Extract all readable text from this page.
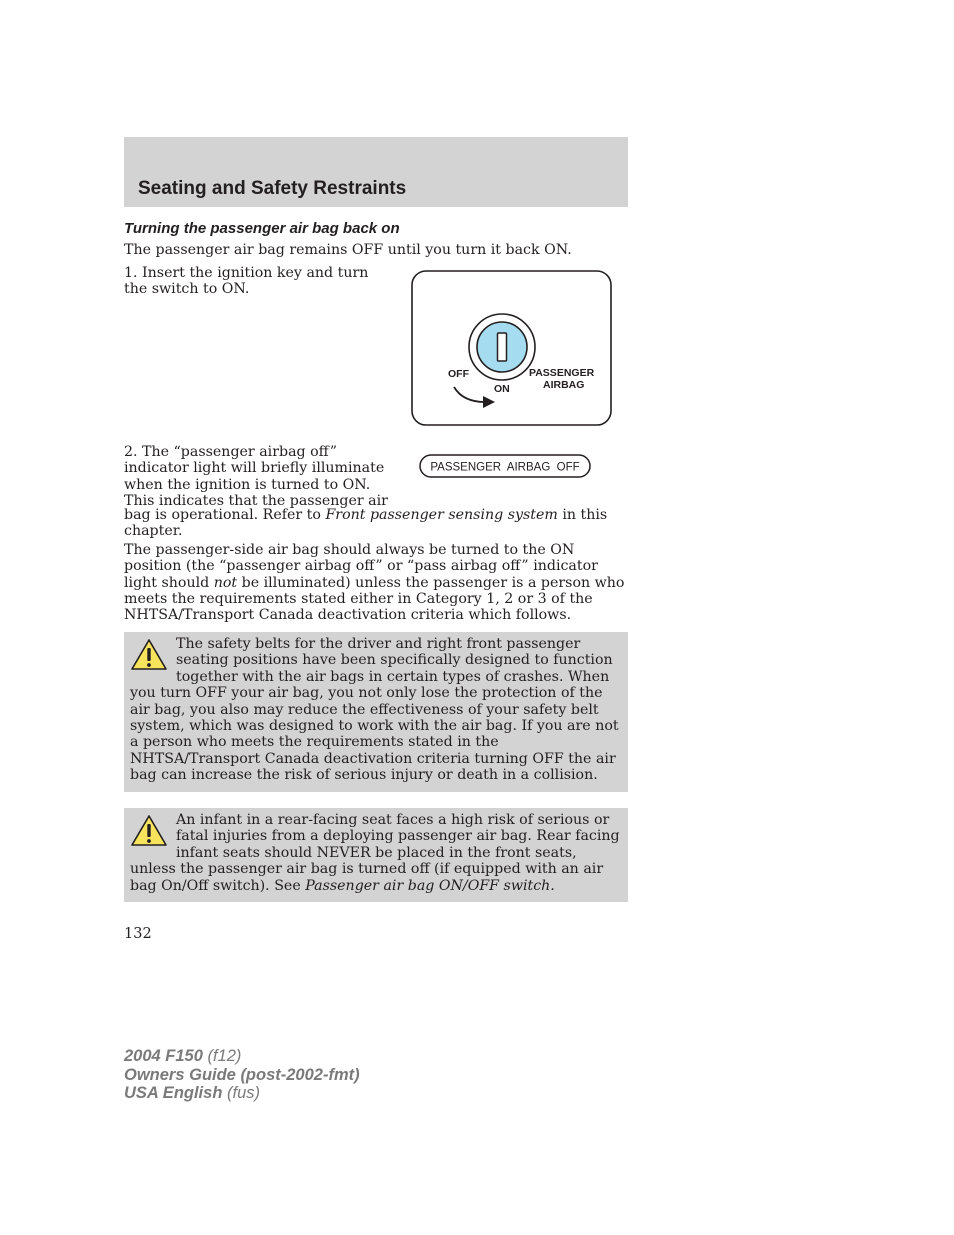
Seating and Safety Restraints
Turning the passenger air bag back on
The passenger air bag remains OFF until you turn it back ON.
1. Insert the ignition key and turn the switch to ON.
OFF
ON
PASSENGER
AIRBAG
2. The “passenger airbag off”
indicator light will briefly illuminate
when the ignition is turned to ON.
This indicates that the passenger air
bag is operational. Refer to Front passenger sensing system in this chapter.
PASSENGER  AIRBAG  OFF
The passenger-side air bag should always be turned to the ON position (the “passenger airbag off” or “pass airbag off” indicator light should not be illuminated) unless the passenger is a person who meets the requirements stated either in Category 1, 2 or 3 of the NHTSA/Transport Canada deactivation criteria which follows.
The safety belts for the driver and right front passenger seating positions have been specifically designed to function together with the air bags in certain types of crashes. When you turn OFF your air bag, you not only lose the protection of the air bag, you also may reduce the effectiveness of your safety belt system, which was designed to work with the air bag. If you are not a person who meets the requirements stated in the NHTSA/Transport Canada deactivation criteria turning OFF the air bag can increase the risk of serious injury or death in a collision.
An infant in a rear-facing seat faces a high risk of serious or fatal injuries from a deploying passenger air bag. Rear facing infant seats should NEVER be placed in the front seats, unless the passenger air bag is turned off (if equipped with an air bag On/Off switch). See Passenger air bag ON/OFF switch.
132
2004 F150 (f12)
Owners Guide (post-2002-fmt)
USA English (fus)
